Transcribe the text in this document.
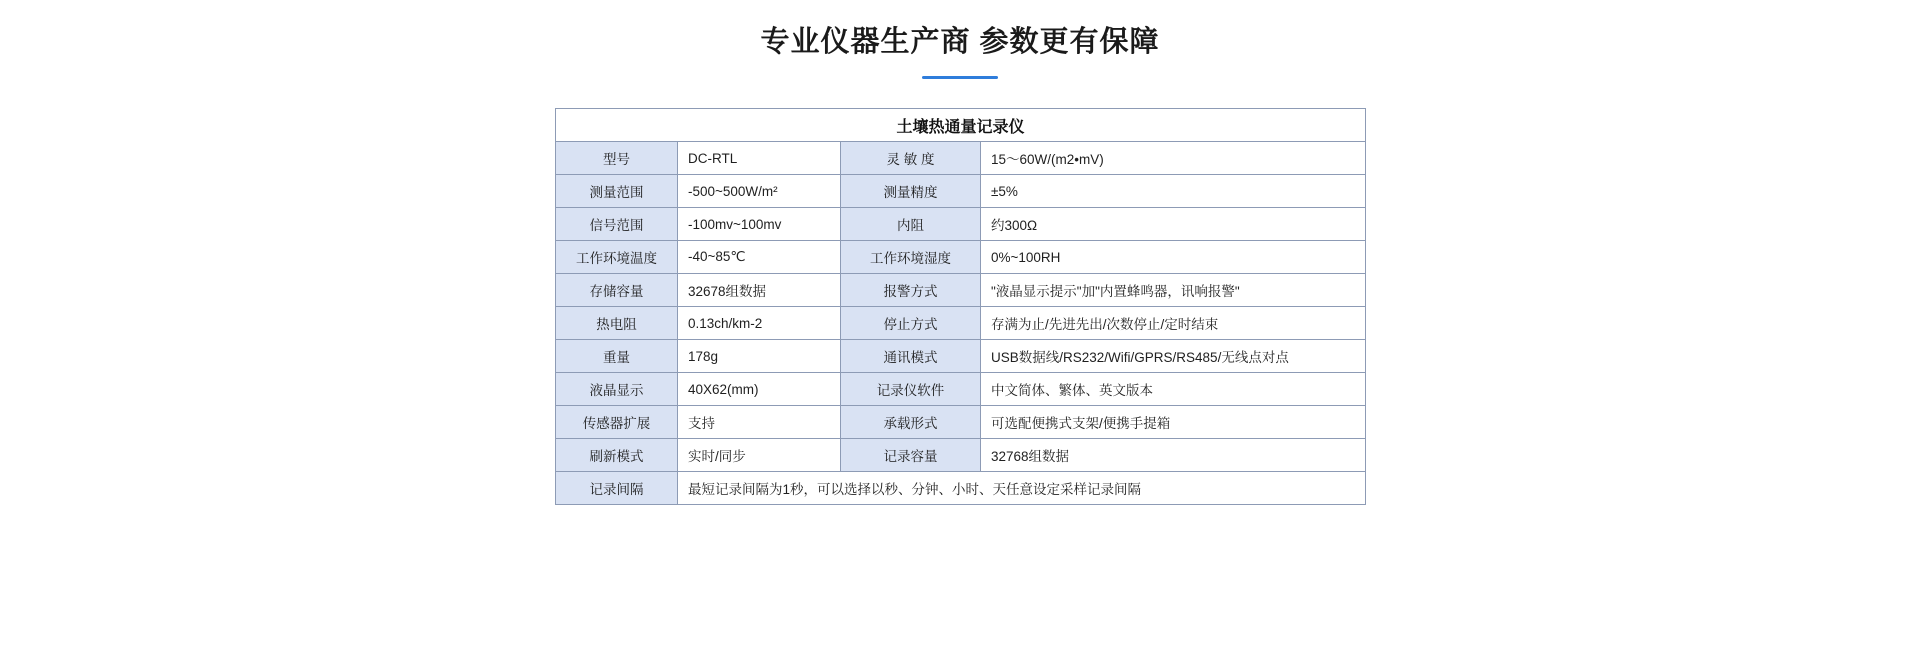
专业仪器生产商 参数更有保障
土壤热通量记录仪			
型号	DC-RTL	灵 敏 度	15～60W/(m2•mV)
测量范围	-500~500W/m²	测量精度	±5%
信号范围	-100mv~100mv	内阻	约300Ω
工作环境温度	-40~85℃	工作环境湿度	0%~100RH
存储容量	32678组数据	报警方式	"液晶显示提示"加"内置蜂鸣器，讯响报警"
热电阻	0.13ch/km-2	停止方式	存满为止/先进先出/次数停止/定时结束
重量	178g	通讯模式	USB数据线/RS232/Wifi/GPRS/RS485/无线点对点
液晶显示	40X62(mm)	记录仪软件	中文简体、繁体、英文版本
传感器扩展	支持	承载形式	可选配便携式支架/便携手提箱
刷新模式	实时/同步	记录容量	32768组数据
记录间隔	最短记录间隔为1秒，可以选择以秒、分钟、小时、天任意设定采样记录间隔		
